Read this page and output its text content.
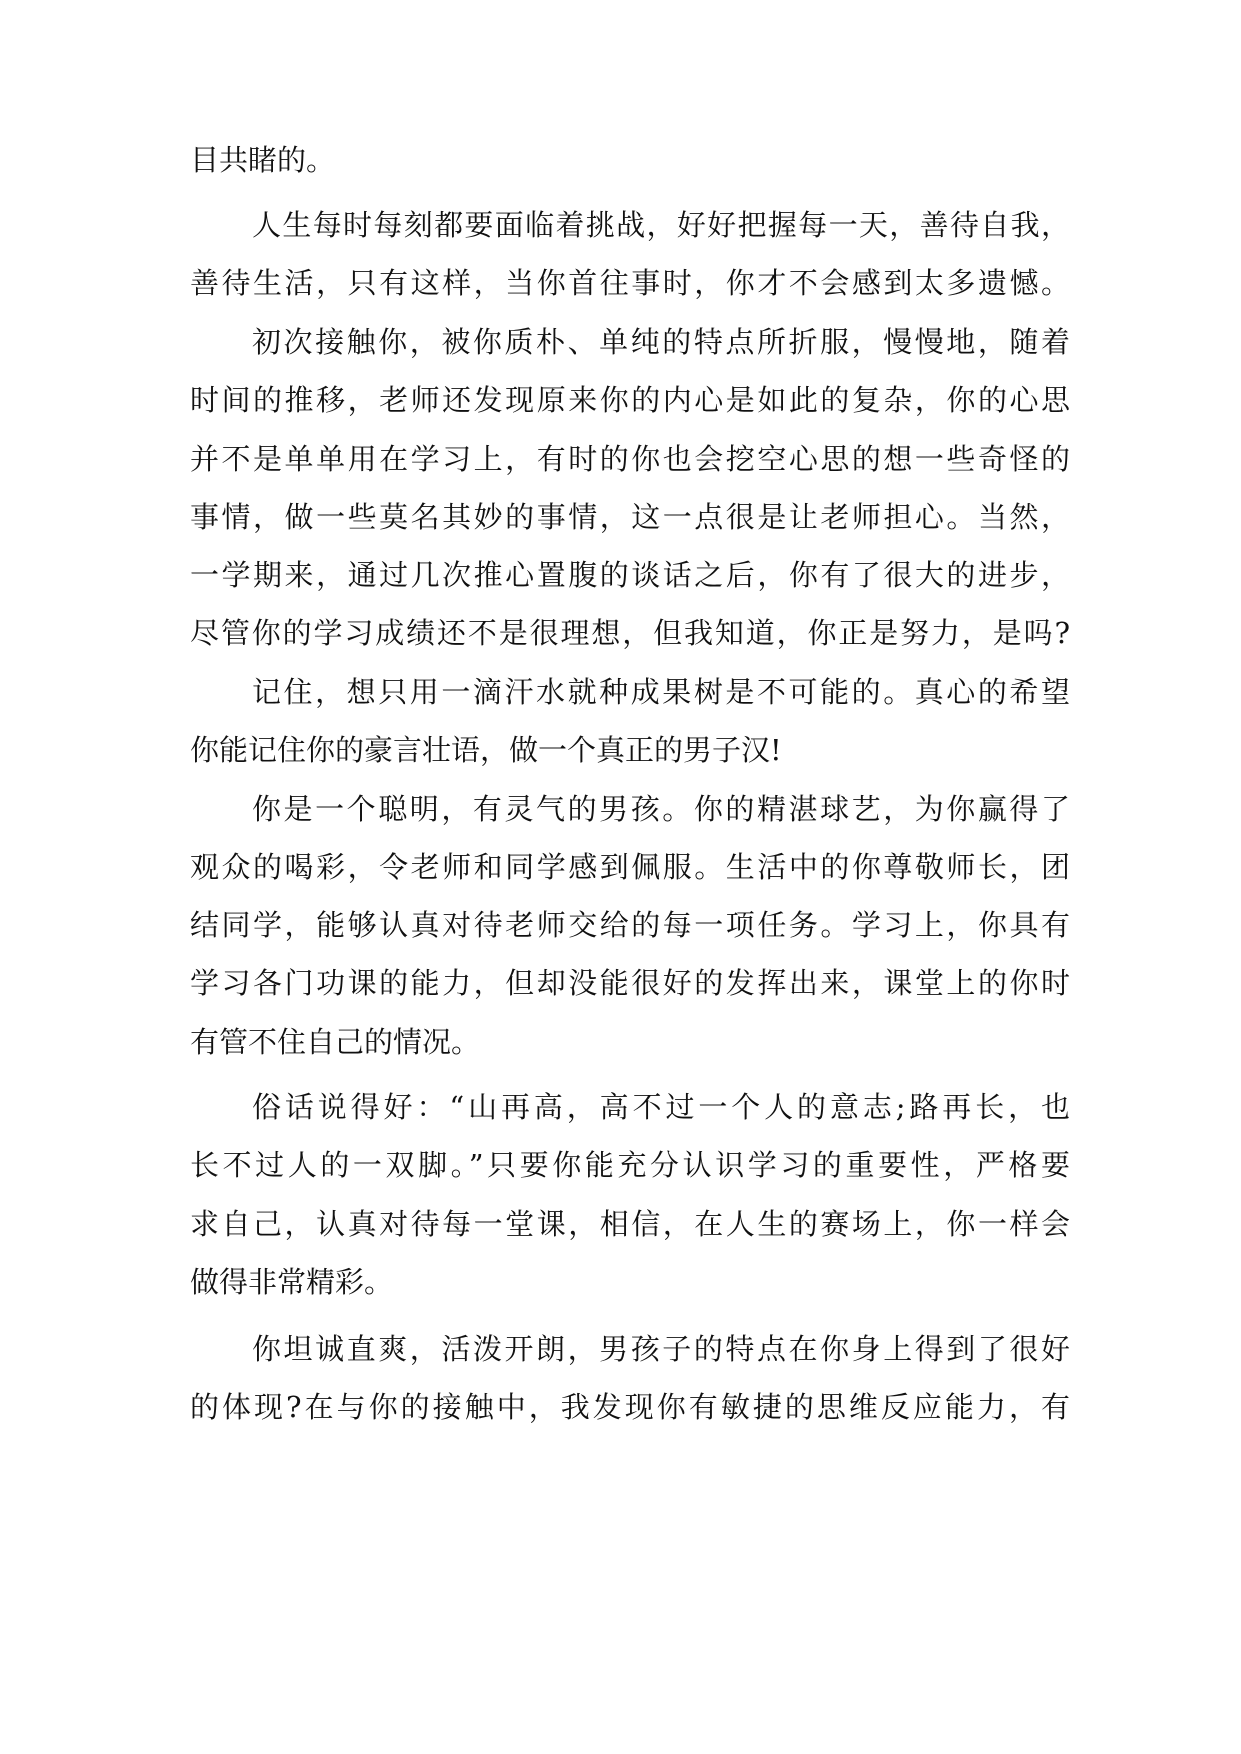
目共睹的。
人生每时每刻都要面临着挑战，好好把握每一天，善待自我，
善待生活，只有这样，当你首往事时，你才不会感到太多遗憾。
初次接触你，被你质朴、单纯的特点所折服，慢慢地，随着
时间的推移，老师还发现原来你的内心是如此的复杂，你的心思
并不是单单用在学习上，有时的你也会挖空心思的想一些奇怪的
事情，做一些莫名其妙的事情，这一点很是让老师担心。当然，
一学期来，通过几次推心置腹的谈话之后，你有了很大的进步，
尽管你的学习成绩还不是很理想，但我知道，你正是努力，是吗?
记住，想只用一滴汗水就种成果树是不可能的。真心的希望
你能记住你的豪言壮语，做一个真正的男子汉!
你是一个聪明，有灵气的男孩。你的精湛球艺，为你赢得了
观众的喝彩，令老师和同学感到佩服。生活中的你尊敬师长，团
结同学，能够认真对待老师交给的每一项任务。学习上，你具有
学习各门功课的能力，但却没能很好的发挥出来，课堂上的你时
有管不住自己的情况。
俗话说得好：“山再高，高不过一个人的意志;路再长，也
长不过人的一双脚。”只要你能充分认识学习的重要性，严格要
求自己，认真对待每一堂课，相信，在人生的赛场上，你一样会
做得非常精彩。
你坦诚直爽，活泼开朗，男孩子的特点在你身上得到了很好
的体现?在与你的接触中，我发现你有敏捷的思维反应能力，有
